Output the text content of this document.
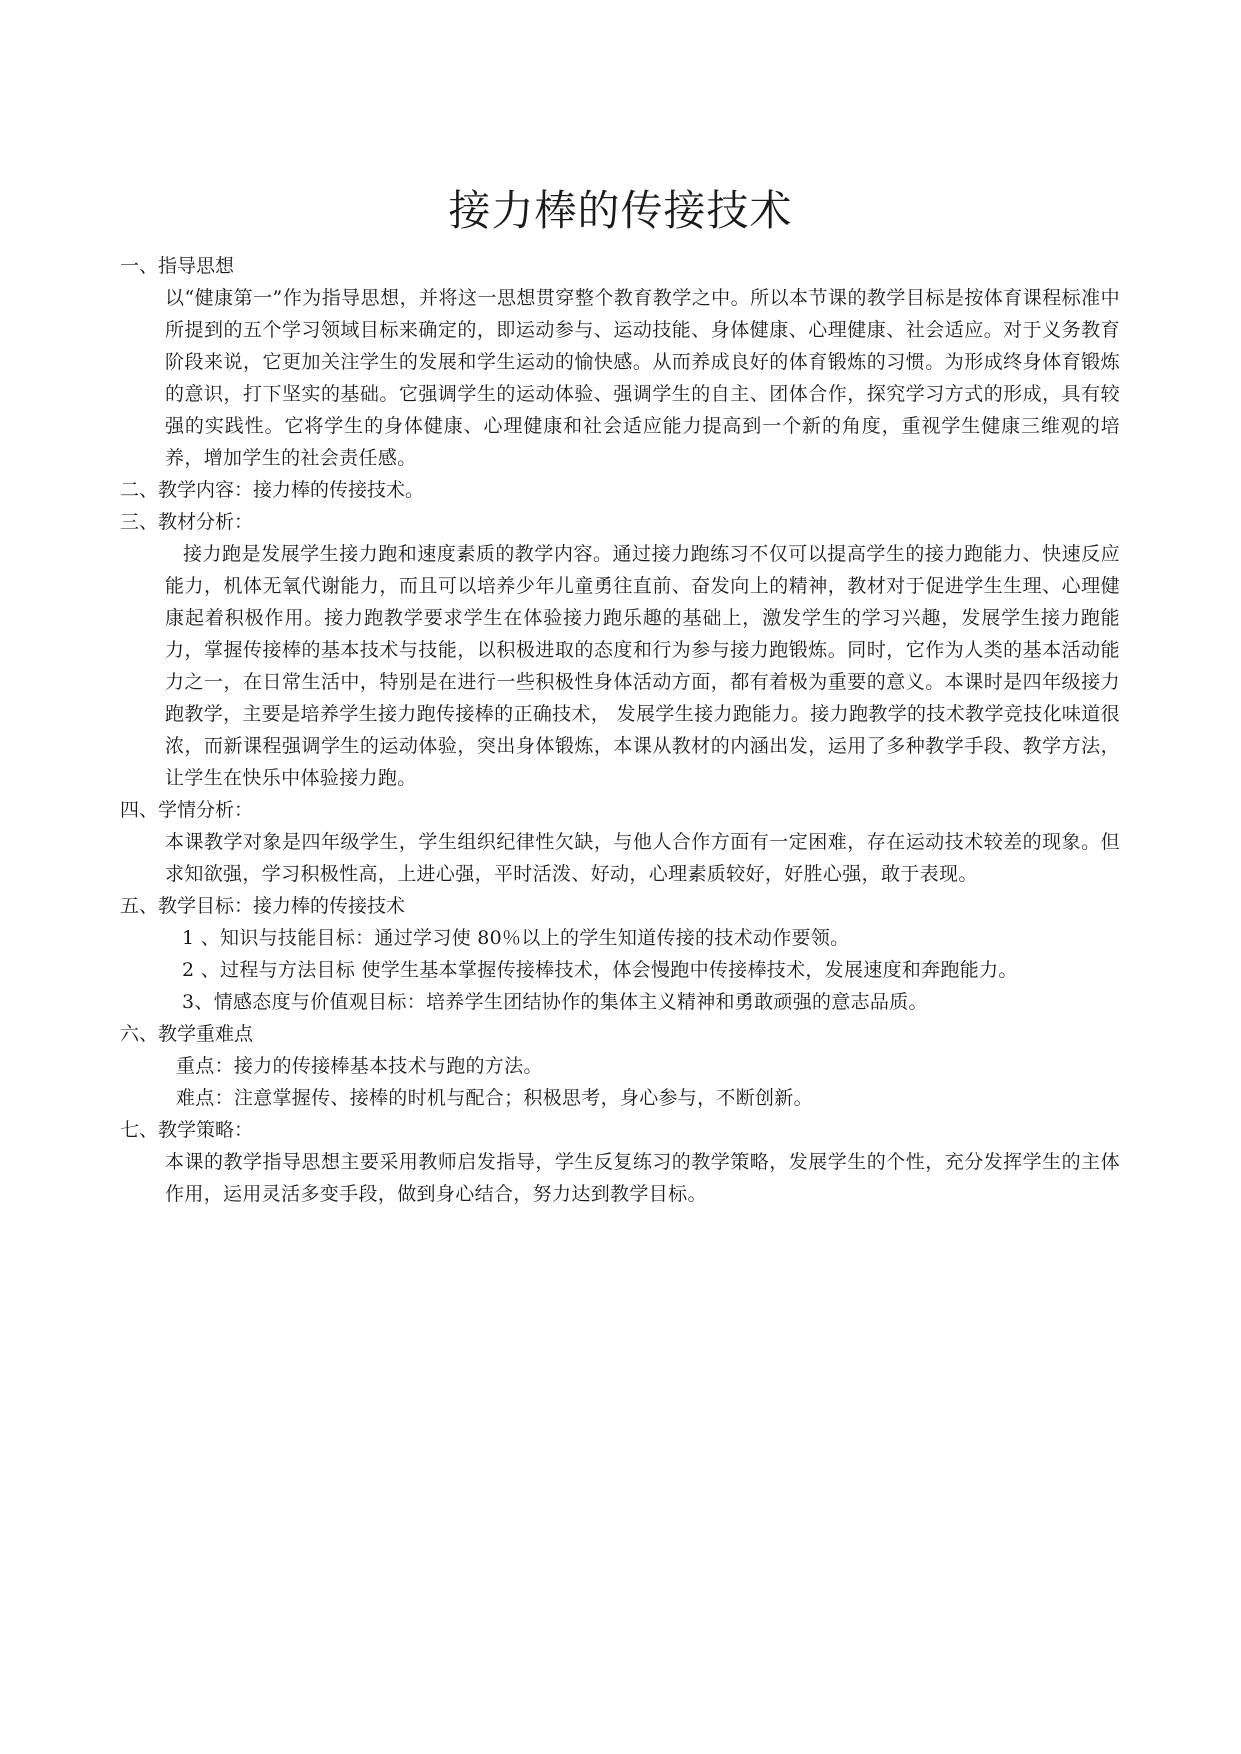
接力棒的传接技术

一、指导思想

以“健康第一”作为指导思想，并将这一思想贯穿整个教育教学之中。所以本节课的教学目标是按体育课程标准中所提到的五个学习领域目标来确定的，即运动参与、运动技能、身体健康、心理健康、社会适应。对于义务教育阶段来说，它更加关注学生的发展和学生运动的愉快感。从而养成良好的体育锻炼的习惯。为形成终身体育锻炼的意识，打下坚实的基础。它强调学生的运动体验、强调学生的自主、团体合作，探究学习方式的形成，具有较强的实践性。它将学生的身体健康、心理健康和社会适应能力提高到一个新的角度，重视学生健康三维观的培养，增加学生的社会责任感。

二、教学内容：接力棒的传接技术。

三、教材分析：

接力跑是发展学生接力跑和速度素质的教学内容。通过接力跑练习不仅可以提高学生的接力跑能力、快速反应能力，机体无氧代谢能力，而且可以培养少年儿童勇往直前、奋发向上的精神，教材对于促进学生生理、心理健康起着积极作用。接力跑教学要求学生在体验接力跑乐趣的基础上，激发学生的学习兴趣，发展学生接力跑能力，掌握传接棒的基本技术与技能，以积极进取的态度和行为参与接力跑锻炼。同时，它作为人类的基本活动能力之一，在日常生活中，特别是在进行一些积极性身体活动方面，都有着极为重要的意义。本课时是四年级接力跑教学，主要是培养学生接力跑传接棒的正确技术， 发展学生接力跑能力。接力跑教学的技术教学竞技化味道很浓，而新课程强调学生的运动体验，突出身体锻炼，本课从教材的内涵出发，运用了多种教学手段、教学方法，让学生在快乐中体验接力跑。

四、学情分析：

本课教学对象是四年级学生，学生组织纪律性欠缺，与他人合作方面有一定困难，存在运动技术较差的现象。但求知欲强，学习积极性高，上进心强，平时活泼、好动，心理素质较好，好胜心强，敢于表现。

五、教学目标：接力棒的传接技术

1 、知识与技能目标：通过学习使 80％以上的学生知道传接的技术动作要领。

2 、过程与方法目标 使学生基本掌握传接棒技术，体会慢跑中传接棒技术，发展速度和奔跑能力。

3、情感态度与价值观目标：培养学生团结协作的集体主义精神和勇敢顽强的意志品质。

六、教学重难点

重点：接力的传接棒基本技术与跑的方法。

难点：注意掌握传、接棒的时机与配合；积极思考，身心参与，不断创新。

七、教学策略：

本课的教学指导思想主要采用教师启发指导，学生反复练习的教学策略，发展学生的个性，充分发挥学生的主体作用，运用灵活多变手段，做到身心结合，努力达到教学目标。
